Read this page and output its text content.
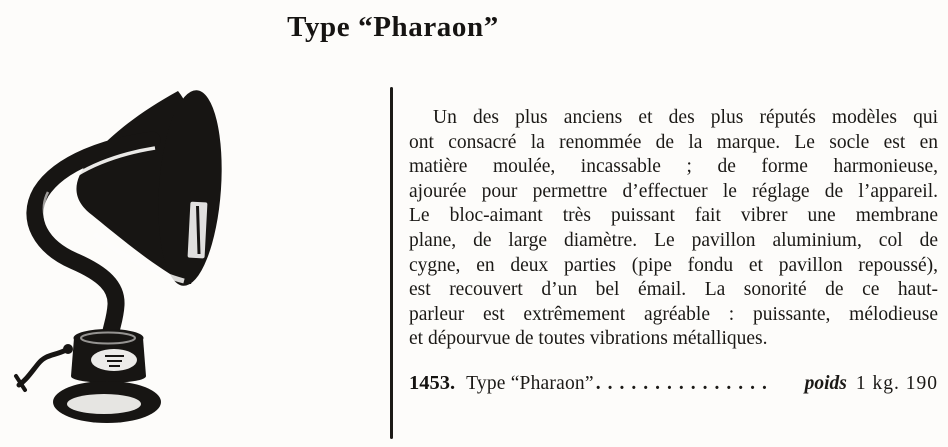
Type “Pharaon”
Un des plus anciens et des plus réputés modèles qui
ont consacré la renommée de la marque. Le socle est en
matière moulée, incassable ; de forme harmonieuse,
ajourée pour permettre d’effectuer le réglage de l’appareil.
Le bloc-aimant très puissant fait vibrer une membrane
plane, de large diamètre. Le pavillon aluminium, col de
cygne, en deux parties (pipe fondu et pavillon repoussé),
est recouvert d’un bel émail. La sonorité de ce haut-
parleur est extrêmement agréable : puissante, mélodieuse
et dépourvue de toutes vibrations métalliques.
1453. Type “Pharaon” ...............	poids 1 kg. 190
